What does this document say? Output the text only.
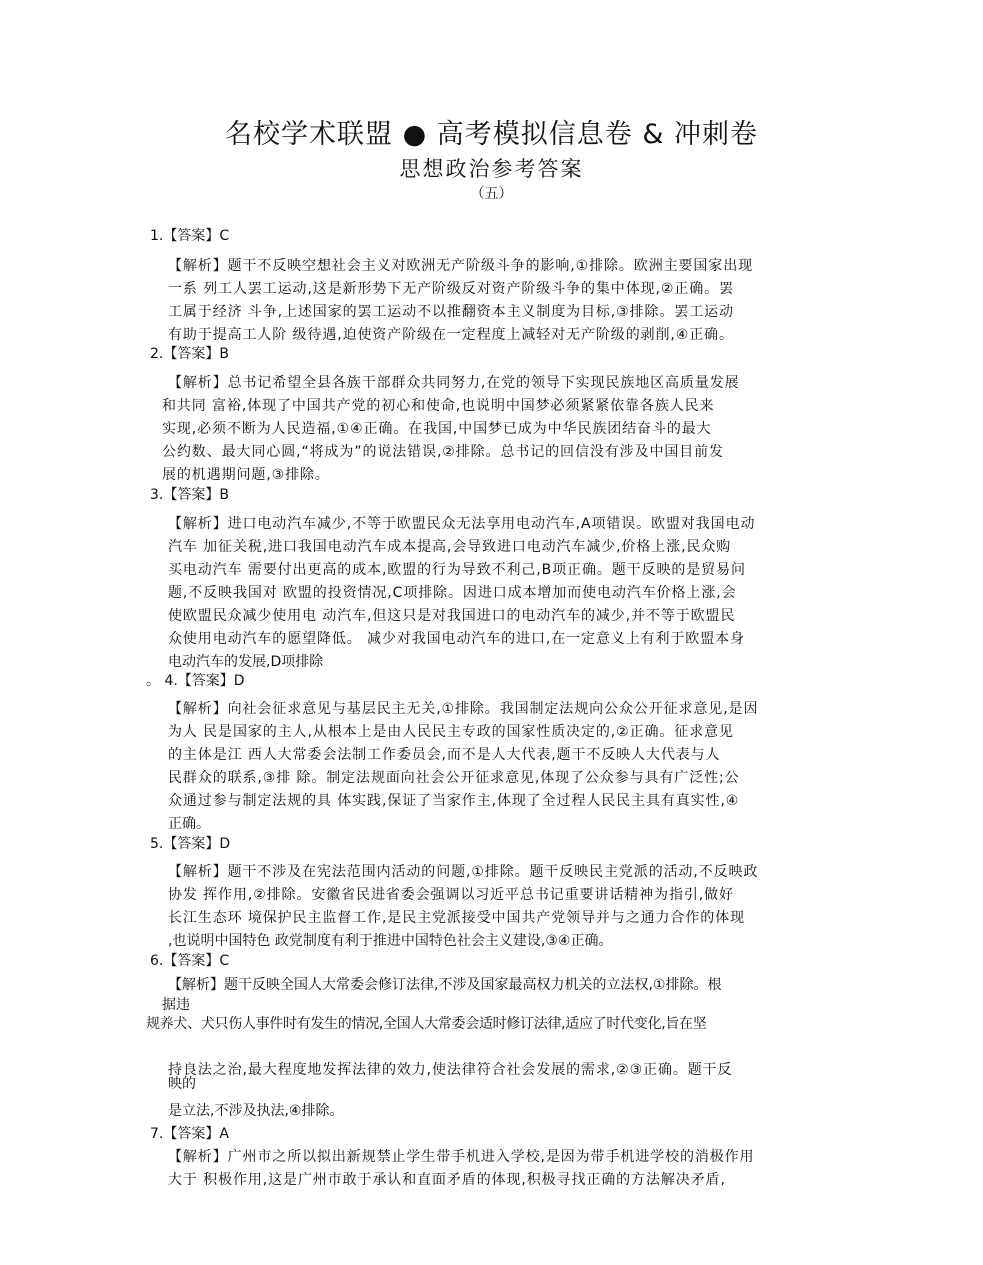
名校学术联盟 ● 高考模拟信息卷 & 冲刺卷
思想政治参考答案
（五）
1.【答案】C
【解析】题干不反映空想社会主义对欧洲无产阶级斗争的影响,①排除。欧洲主要国家出现
一系 列工人罢工运动,这是新形势下无产阶级反对资产阶级斗争的集中体现,②正确。罢
工属于经济 斗争,上述国家的罢工运动不以推翻资本主义制度为目标,③排除。罢工运动
有助于提高工人阶 级待遇,迫使资产阶级在一定程度上减轻对无产阶级的剥削,④正确。
2.【答案】B
【解析】总书记希望全县各族干部群众共同努力,在党的领导下实现民族地区高质量发展
和共同 富裕,体现了中国共产党的初心和使命,也说明中国梦必须紧紧依靠各族人民来
实现,必须不断为人民造福,①④正确。在我国,中国梦已成为中华民族团结奋斗的最大
公约数、最大同心圆,“将成为”的说法错误,②排除。总书记的回信没有涉及中国目前发
展的机遇期问题,③排除。
3.【答案】B
【解析】进口电动汽车减少,不等于欧盟民众无法享用电动汽车,A项错误。欧盟对我国电动
汽车 加征关税,进口我国电动汽车成本提高,会导致进口电动汽车减少,价格上涨,民众购
买电动汽车 需要付出更高的成本,欧盟的行为导致不利己,B项正确。题干反映的是贸易问
题,不反映我国对 欧盟的投资情况,C项排除。因进口成本增加而使电动汽车价格上涨,会
使欧盟民众减少使用电 动汽车,但这只是对我国进口的电动汽车的减少,并不等于欧盟民
众使用电动汽车的愿望降低。 减少对我国电动汽车的进口,在一定意义上有利于欧盟本身
电动汽车的发展,D项排除
。 4.【答案】D
【解析】向社会征求意见与基层民主无关,①排除。我国制定法规向公众公开征求意见,是因
为人 民是国家的主人,从根本上是由人民民主专政的国家性质决定的,②正确。征求意见
的主体是江 西人大常委会法制工作委员会,而不是人大代表,题干不反映人大代表与人
民群众的联系,③排 除。制定法规面向社会公开征求意见,体现了公众参与具有广泛性;公
众通过参与制定法规的具 体实践,保证了当家作主,体现了全过程人民民主具有真实性,④
正确。
5.【答案】D
【解析】题干不涉及在宪法范围内活动的问题,①排除。题干反映民主党派的活动,不反映政
协发 挥作用,②排除。安徽省民进省委会强调以习近平总书记重要讲话精神为指引,做好
长江生态环 境保护民主监督工作,是民主党派接受中国共产党领导并与之通力合作的体现
,也说明中国特色 政党制度有利于推进中国特色社会主义建设,③④正确。
6.【答案】C
【解析】题干反映全国人大常委会修订法律,不涉及国家最高权力机关的立法权,①排除。根
据违
规养犬、犬只伤人事件时有发生的情况,全国人大常委会适时修订法律,适应了时代变化,旨在坚
持良法之治,最大程度地发挥法律的效力,使法律符合社会发展的需求,②③正确。题干反
映的
是立法,不涉及执法,④排除。
7.【答案】A
【解析】广州市之所以拟出新规禁止学生带手机进入学校,是因为带手机进学校的消极作用
大于 积极作用,这是广州市敢于承认和直面矛盾的体现,积极寻找正确的方法解决矛盾,
